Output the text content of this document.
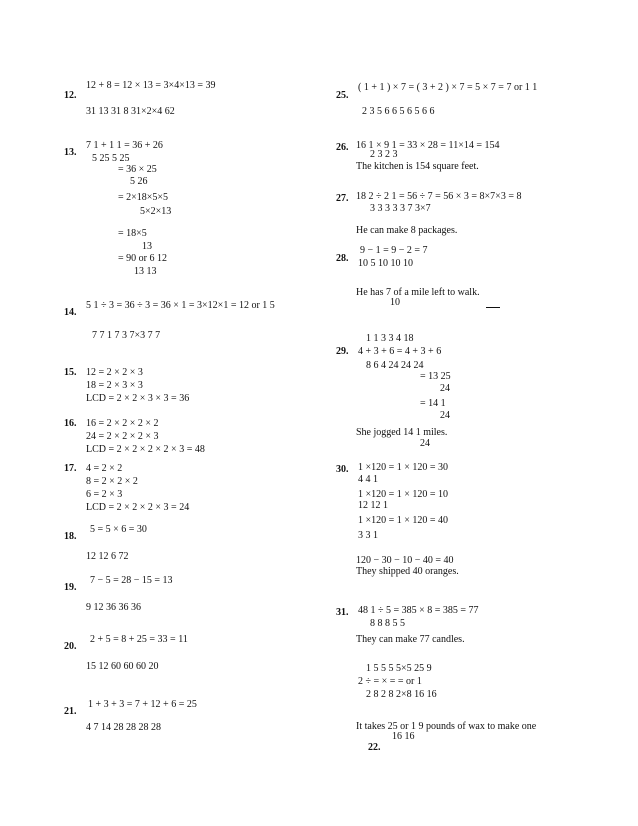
12.
12 + 8 = 12 × 13 = 3×4×13 = 39
31 13 31 8 31×2×4 62
13.
7 1 + 1 1 = 36 + 26
5 25 5 25
= 36 × 25
5 26
= 2×18×5×5
5×2×13
= 18×5
13
= 90 or 6 12
13 13
14.
5 1 ÷ 3 = 36 ÷ 3 = 36 × 1 = 3×12×1 = 12 or 1 5
7 7 1 7 3 7×3 7 7
15. 12 = 2 × 2 × 3
18 = 2 × 3 × 3
LCD = 2 × 2 × 3 × 3 = 36
16. 16 = 2 × 2 × 2 × 2
24 = 2 × 2 × 2 × 3
LCD = 2 × 2 × 2 × 2 × 3 = 48
17. 4 = 2 × 2
8 = 2 × 2 × 2
6 = 2 × 3
LCD = 2 × 2 × 2 × 3 = 24
18.
5 = 5 × 6 = 30
12 12 6 72
19.
7 − 5 = 28 − 15 = 13
9 12 36 36 36
20.
2 + 5 = 8 + 25 = 33 = 11
15 12 60 60 60 20
21.
1 + 3 + 3 = 7 + 12 + 6 = 25
4 7 14 28 28 28 28
25.
( 1 + 1 ) × 7 = ( 3 + 2 ) × 7 = 5 × 7 = 7 or 1 1
2 3 5 6 6 5 6 5 6 6
26. 16 1 × 9 1 = 33 × 28 = 11×14 = 154
2 3 2 3
The kitchen is 154 square feet.
27. 18 2 ÷ 2 1 = 56 ÷ 7 = 56 × 3 = 8×7×3 = 8
3 3 3 3 3 7 3×7
He can make 8 packages.
28.
9 − 1 = 9 − 2 = 7
10 5 10 10 10
He has 7 of a mile left to walk.
10
1 1 3 3 4 18
29. 4 + 3 + 6 = 4 + 3 + 6
8 6 4 24 24 24
= 13 25
24
= 14 1
24
She jogged 14 1 miles.
24
30. 1 ×120 = 1 × 120 = 30
4 4 1
1 ×120 = 1 × 120 = 10
12 12 1
1 ×120 = 1 × 120 = 40
3 3 1
120 − 30 − 10 − 40 = 40
They shipped 40 oranges.
31. 48 1 ÷ 5 = 385 × 8 = 385 = 77
8 8 8 5 5
They can make 77 candles.
1 5 5 5 5×5 25 9
2 ÷ = × = = or 1
2 8 2 8 2×8 16 16
It takes 25 or 1 9 pounds of wax to make one
16 16
22.
